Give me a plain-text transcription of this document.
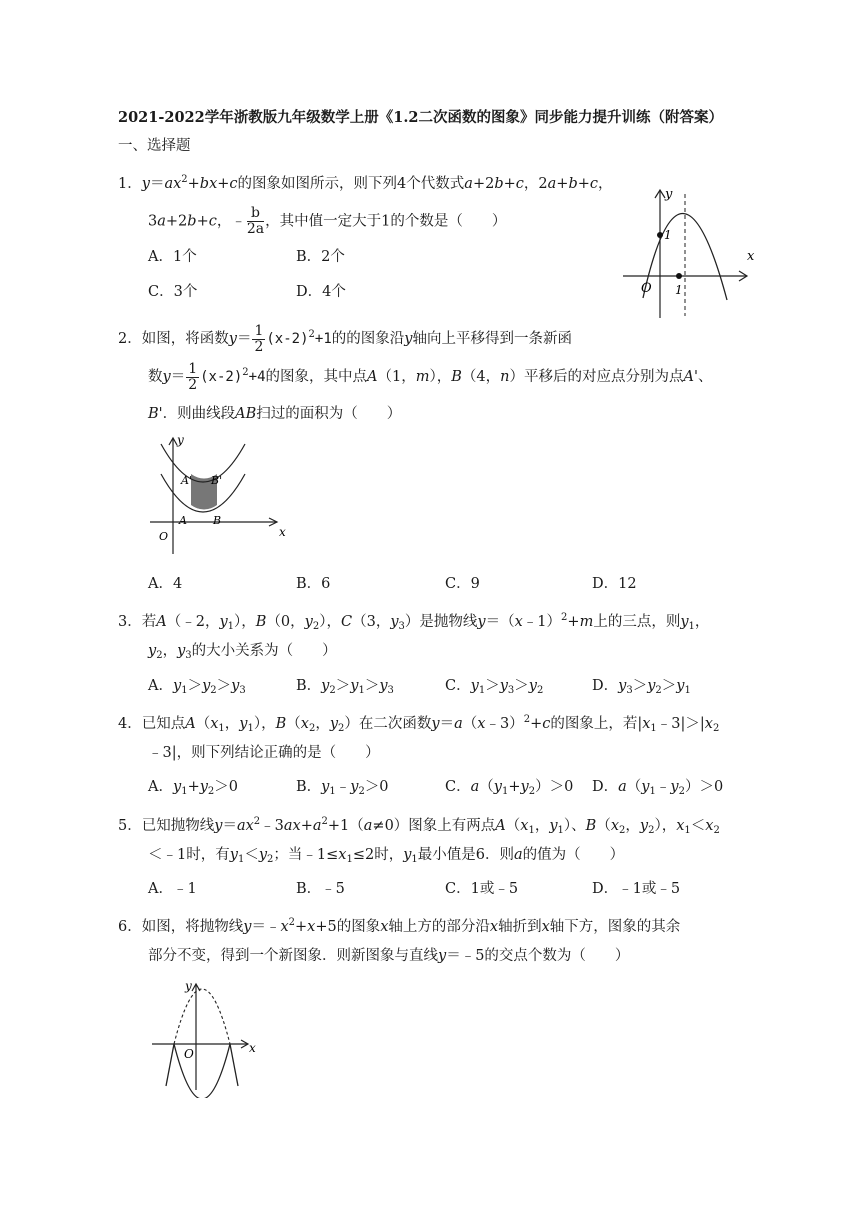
2021-2022学年浙教版九年级数学上册《1.2二次函数的图象》同步能力提升训练（附答案）
一、选择题
1．$y=ax^2+bx+c$的图象如图所示，则下列4个代数式a+2b+c，2a+b+c，
3a+2b+c，﹣ $\frac{b}{2a}$ ，其中值一定大于1的个数是（　　）
A．1个	B．2个
C．3个	D．4个
x
y
O
1
1
2．如图，将函数$y= \frac{1}{2} (x-2)^2+1$的的图象沿y轴向上平移得到一条新函
数$y= \frac{1}{2} (x-2)^2+4$的图象，其中点A（1，m），B（4，n）平移后的对应点分别为点A'、
B'．则曲线段AB扫过的面积为（　　）
A' B'
A B
x
y
O
A．4	B．6	C．9	D．12
3．若A（﹣2，$y_1$），B（0，$y_2$），C（3，$y_3$）是抛物线y＝（x﹣1）$^2$+m上的三点，则$y_1$，
$y_2$，$y_3$的大小关系为（　　）
A．$y_1>y_2>y_3$	B．$y_2>y_1>y_3$	C．$y_1>y_3>y_2$	D．$y_3>y_2>y_1$
4．已知点$A(x_1$，$y_1$），$B(x_2$，$y_2$）在二次函数y＝a（x﹣3）$^2$+c的图象上，若$|x_1﹣3|>|x_2$
﹣3|，则下列结论正确的是（　　）
A．$y_1+y_2>0$	B．$y_1﹣y_2>0$	C．$a(y_1+y_2)>0$ D．$a(y_1﹣y_2)>0$
5．已知抛物线$y=ax^2﹣3ax+a^2+1(a\ne 0)$图象上有两点$A(x_1$，$y_1$）、$B(x_2$，$y_2$），$x_1<x_2$
＜﹣1时，有$y_1<y_2$；当$﹣1\le x_1\le 2$时，$y_1$最小值是6．则a的值为（　　）
A．﹣1	B．﹣5	C．1或﹣5	D．﹣1或﹣5
6．如图，将抛物线$y=﹣x^2+x+5$的图象x轴上方的部分沿x轴折到x轴下方，图象的其余
部分不变，得到一个新图象．则新图象与直线y＝﹣5的交点个数为（　　）
x
y
O
